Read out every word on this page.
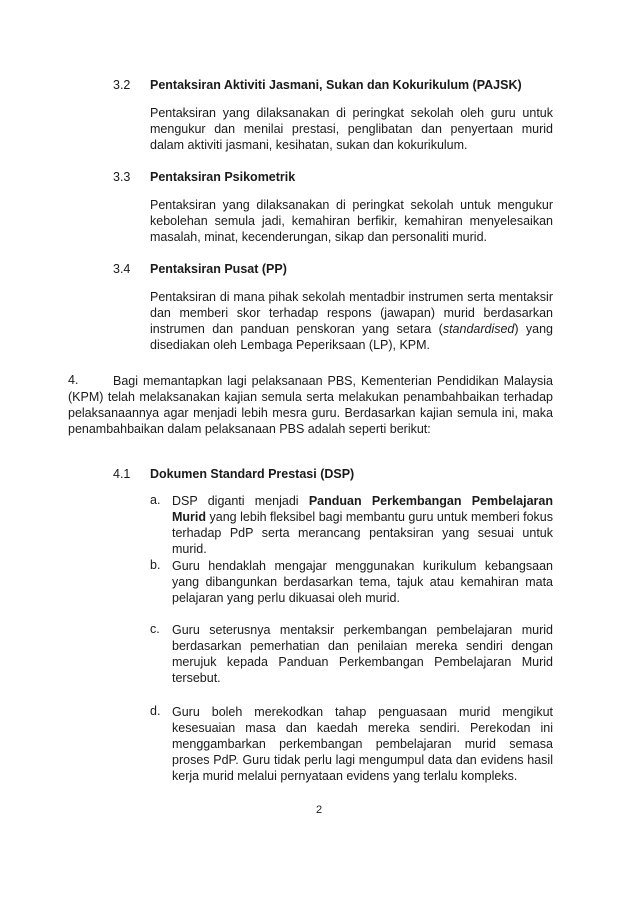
3.2 Pentaksiran Aktiviti Jasmani, Sukan dan Kokurikulum (PAJSK)

Pentaksiran yang dilaksanakan di peringkat sekolah oleh guru untuk mengukur dan menilai prestasi, penglibatan dan penyertaan murid dalam aktiviti jasmani, kesihatan, sukan dan kokurikulum.

3.3 Pentaksiran Psikometrik

Pentaksiran yang dilaksanakan di peringkat sekolah untuk mengukur kebolehan semula jadi, kemahiran berfikir, kemahiran menyelesaikan masalah, minat, kecenderungan, sikap dan personaliti murid.

3.4 Pentaksiran Pusat (PP)

Pentaksiran di mana pihak sekolah mentadbir instrumen serta mentaksir dan memberi skor terhadap respons (jawapan) murid berdasarkan instrumen dan panduan penskoran yang setara (standardised) yang disediakan oleh Lembaga Peperiksaan (LP), KPM.

4.	Bagi memantapkan lagi pelaksanaan PBS, Kementerian Pendidikan Malaysia (KPM) telah melaksanakan kajian semula serta melakukan penambahbaikan terhadap pelaksanaannya agar menjadi lebih mesra guru. Berdasarkan kajian semula ini, maka penambahbaikan dalam pelaksanaan PBS adalah seperti berikut:

4.1 Dokumen Standard Prestasi (DSP)
a. DSP diganti menjadi Panduan Perkembangan Pembelajaran Murid yang lebih fleksibel bagi membantu guru untuk memberi fokus terhadap PdP serta merancang pentaksiran yang sesuai untuk murid.

b. Guru hendaklah mengajar menggunakan kurikulum kebangsaan yang dibangunkan berdasarkan tema, tajuk atau kemahiran mata pelajaran yang perlu dikuasai oleh murid.

c. Guru seterusnya mentaksir perkembangan pembelajaran murid berdasarkan pemerhatian dan penilaian mereka sendiri dengan merujuk kepada Panduan Perkembangan Pembelajaran Murid tersebut.

d. Guru boleh merekodkan tahap penguasaan murid mengikut kesesuaian masa dan kaedah mereka sendiri. Perekodan ini menggambarkan perkembangan pembelajaran murid semasa proses PdP. Guru tidak perlu lagi mengumpul data dan evidens hasil kerja murid melalui pernyataan evidens yang terlalu kompleks.

2
